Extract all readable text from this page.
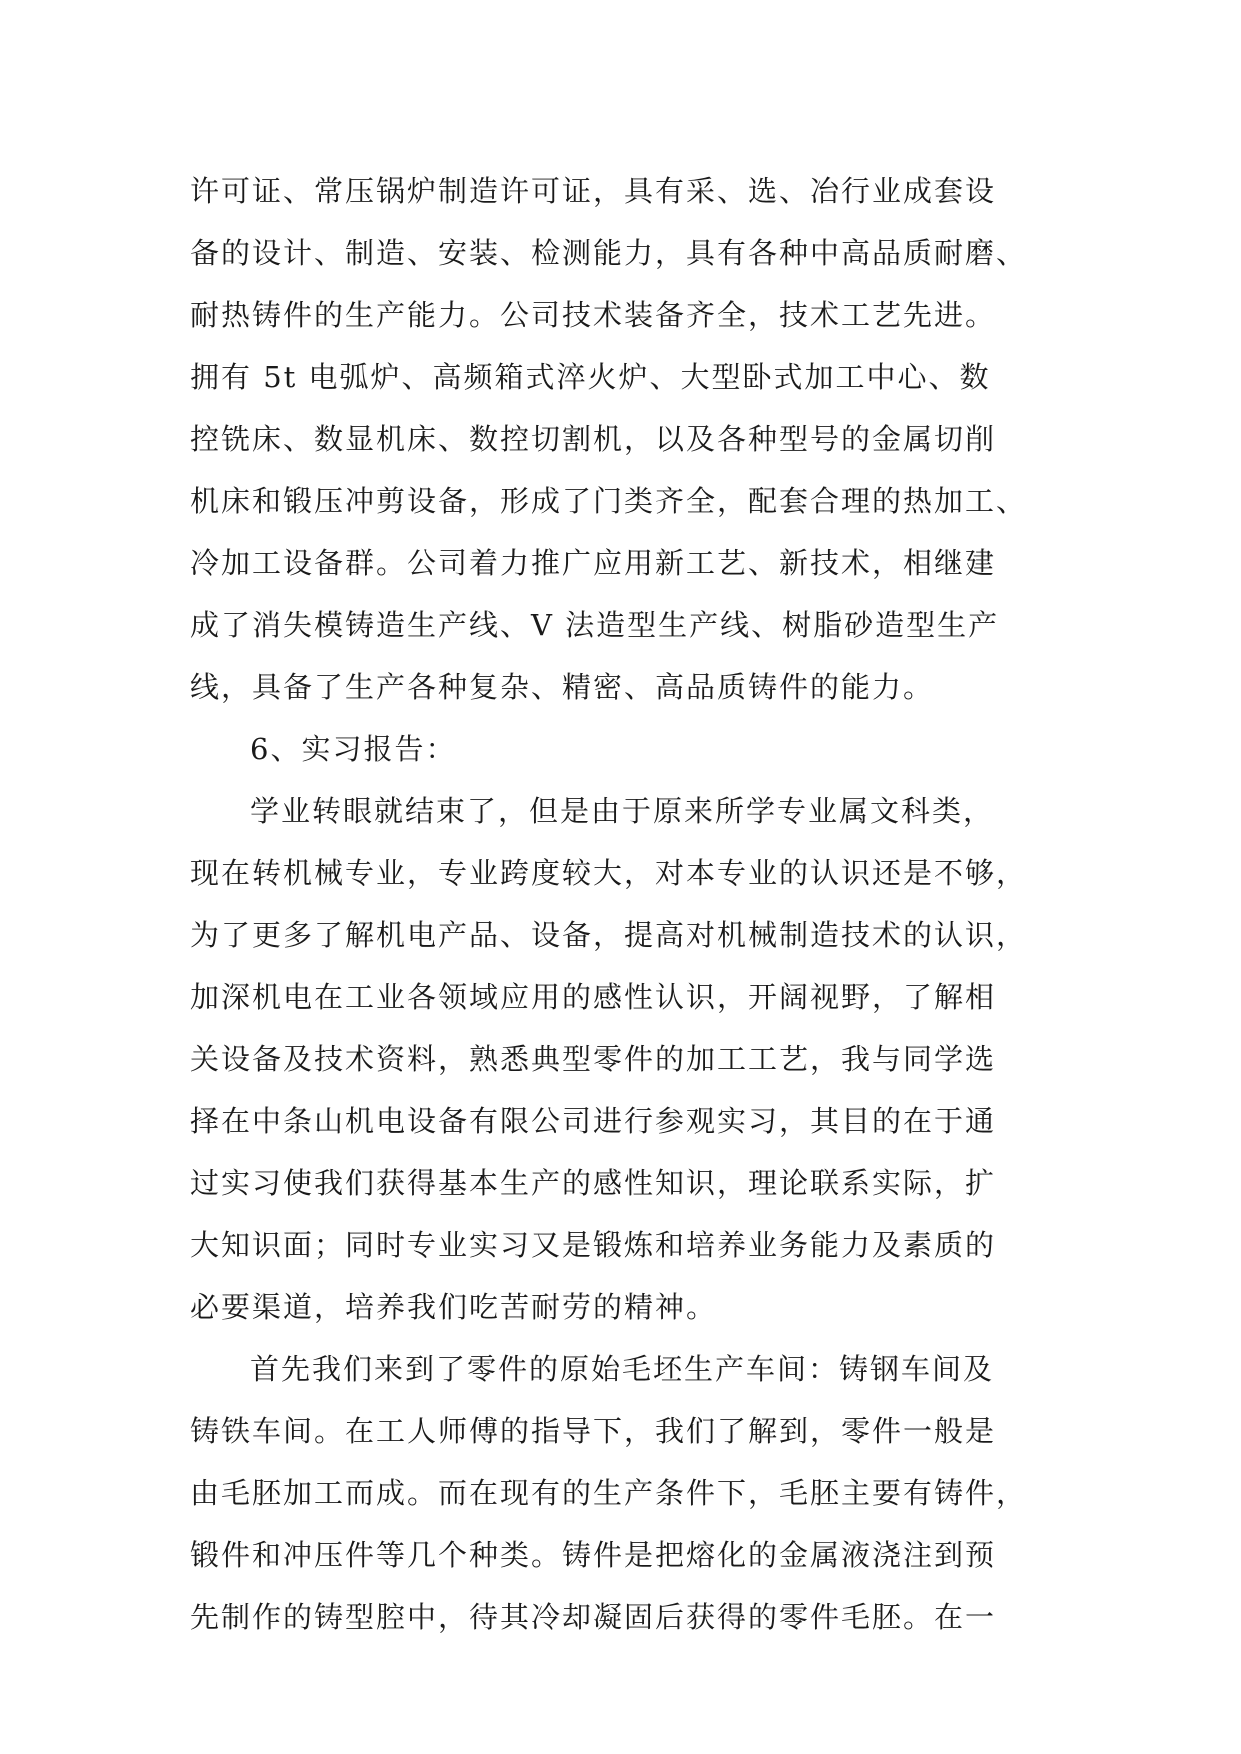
许可证、常压锅炉制造许可证，具有采、选、冶行业成套设
备的设计、制造、安装、检测能力，具有各种中高品质耐磨、
耐热铸件的生产能力。公司技术装备齐全，技术工艺先进。
拥有 5t 电弧炉、高频箱式淬火炉、大型卧式加工中心、数
控铣床、数显机床、数控切割机，以及各种型号的金属切削
机床和锻压冲剪设备，形成了门类齐全，配套合理的热加工、
冷加工设备群。公司着力推广应用新工艺、新技术，相继建
成了消失模铸造生产线、V 法造型生产线、树脂砂造型生产
线，具备了生产各种复杂、精密、高品质铸件的能力。
6、实习报告：
学业转眼就结束了，但是由于原来所学专业属文科类，
现在转机械专业，专业跨度较大，对本专业的认识还是不够，
为了更多了解机电产品、设备，提高对机械制造技术的认识，
加深机电在工业各领域应用的感性认识，开阔视野，了解相
关设备及技术资料，熟悉典型零件的加工工艺，我与同学选
择在中条山机电设备有限公司进行参观实习，其目的在于通
过实习使我们获得基本生产的感性知识，理论联系实际，扩
大知识面；同时专业实习又是锻炼和培养业务能力及素质的
必要渠道，培养我们吃苦耐劳的精神。
首先我们来到了零件的原始毛坯生产车间：铸钢车间及
铸铁车间。在工人师傅的指导下，我们了解到，零件一般是
由毛胚加工而成。而在现有的生产条件下，毛胚主要有铸件，
锻件和冲压件等几个种类。铸件是把熔化的金属液浇注到预
先制作的铸型腔中，待其冷却凝固后获得的零件毛胚。在一
